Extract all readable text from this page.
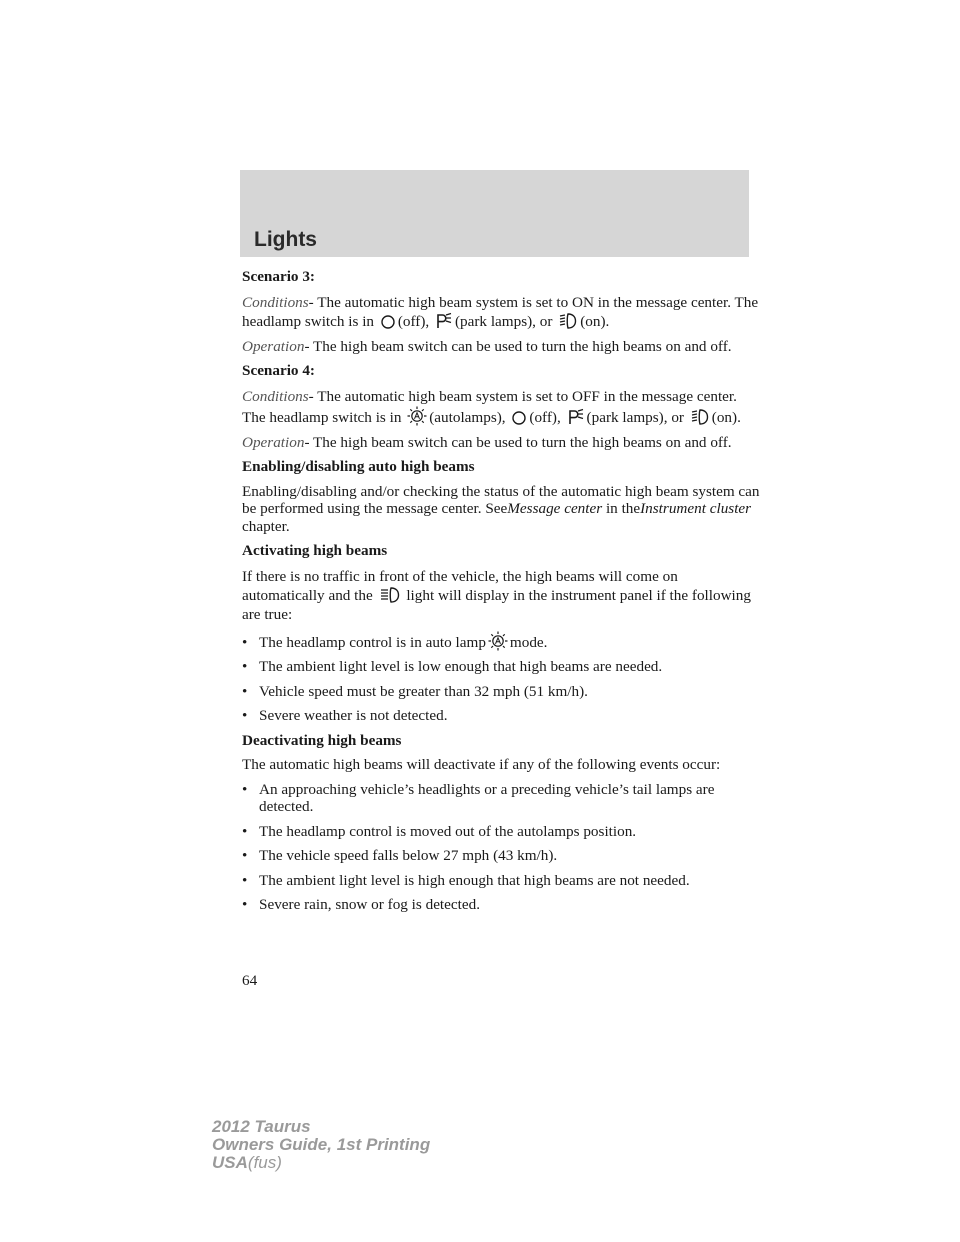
Lights

Scenario 3:

Conditions- The automatic high beam system is set to ON in the message center. The headlamp switch is in (off), (park lamps), or (on).

Operation- The high beam switch can be used to turn the high beams on and off.

Scenario 4:

Conditions- The automatic high beam system is set to OFF in the message center. The headlamp switch is in (autolamps), (off), (park lamps), or (on).

Operation- The high beam switch can be used to turn the high beams on and off.

Enabling/disabling auto high beams

Enabling/disabling and/or checking the status of the automatic high beam system can be performed using the message center. SeeMessage center in theInstrument cluster chapter.

Activating high beams

If there is no traffic in front of the vehicle, the high beams will come on automatically and the light will display in the instrument panel if the following are true:

• The headlamp control is in auto lamp mode.

• The ambient light level is low enough that high beams are needed.

• Vehicle speed must be greater than 32 mph (51 km/h).

• Severe weather is not detected.

Deactivating high beams

The automatic high beams will deactivate if any of the following events occur:

• An approaching vehicle’s headlights or a preceding vehicle’s tail lamps are detected.

• The headlamp control is moved out of the autolamps position.

• The vehicle speed falls below 27 mph (43 km/h).

• The ambient light level is high enough that high beams are not needed.

• Severe rain, snow or fog is detected.

64
2012 Taurus
Owners Guide, 1st Printing
USA(fus)
